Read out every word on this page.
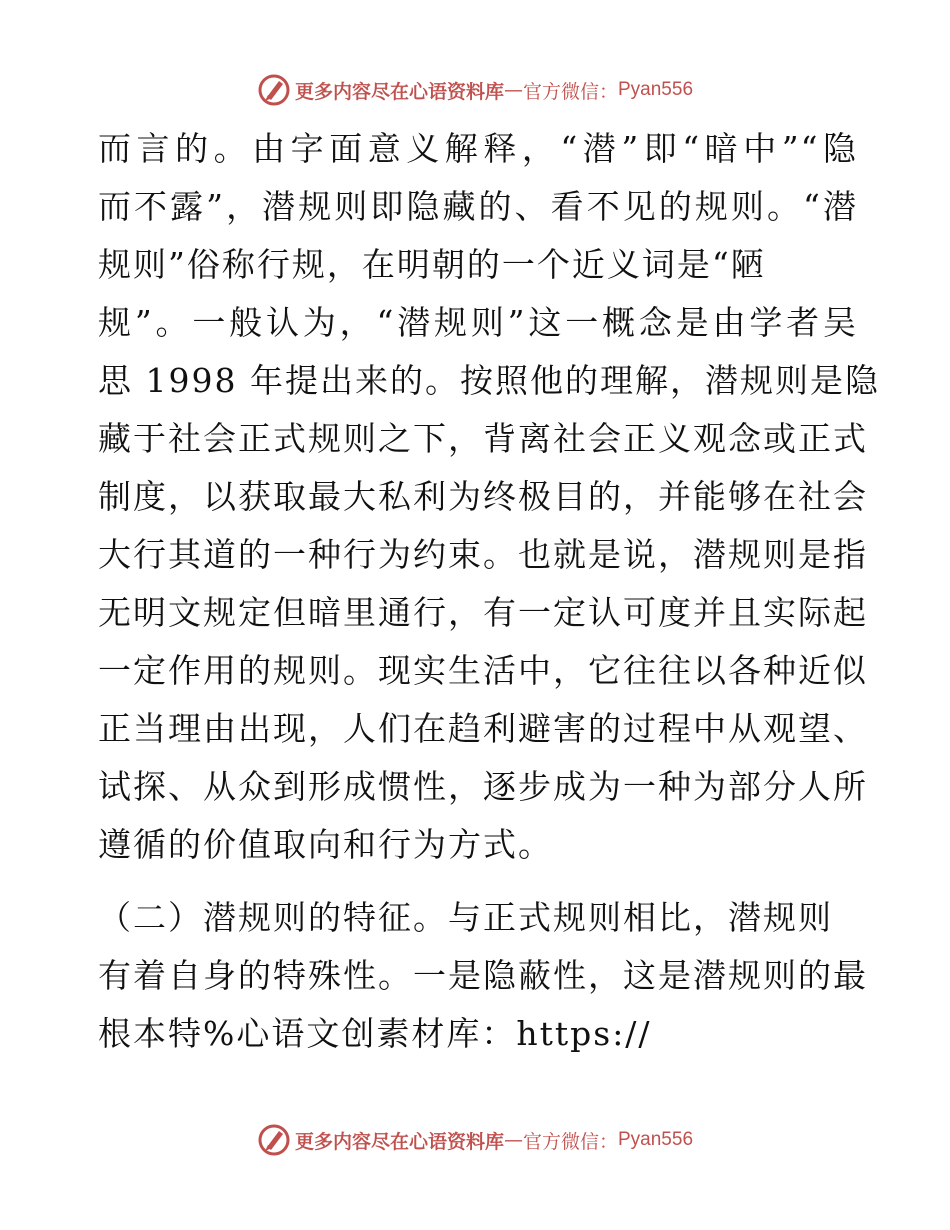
更多内容尽在心语资料库 — 官方微信： Pyan556
而言的。由字面意义解释，“潜”即“暗中”“隐
而不露”，潜规则即隐藏的、看不见的规则。“潜
规则”俗称行规，在明朝的一个近义词是“陋
规”。一般认为，“潜规则”这一概念是由学者吴
思 1998 年提出来的。按照他的理解，潜规则是隐
藏于社会正式规则之下，背离社会正义观念或正式
制度，以获取最大私利为终极目的，并能够在社会
大行其道的一种行为约束。也就是说，潜规则是指
无明文规定但暗里通行，有一定认可度并且实际起
一定作用的规则。现实生活中，它往往以各种近似
正当理由出现，人们在趋利避害的过程中从观望、
试探、从众到形成惯性，逐步成为一种为部分人所
遵循的价值取向和行为方式。
（二）潜规则的特征。与正式规则相比，潜规则
有着自身的特殊性。一是隐蔽性，这是潜规则的最
根本特%心语文创素材库：https://
更多内容尽在心语资料库 — 官方微信： Pyan556
